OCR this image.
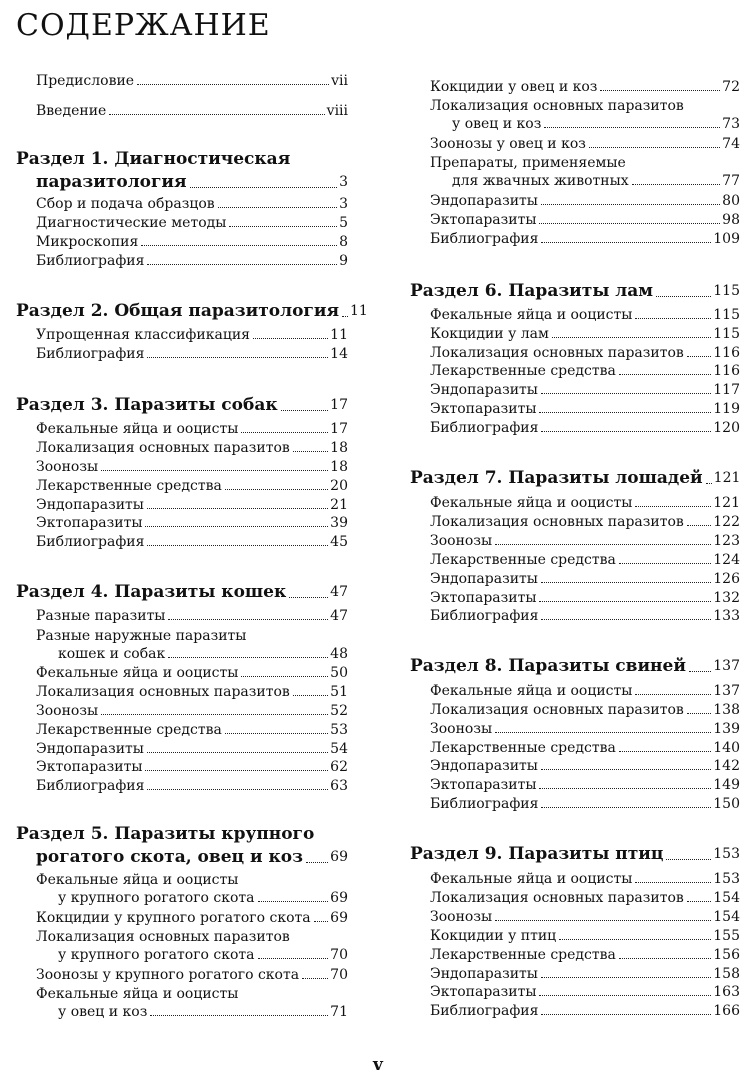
СОДЕРЖАНИЕ
Предисловие	vii
Введение	viii
Раздел 1. Диагностическая
паразитология	3
Сбор и подача образцов	3
Диагностические методы	5
Микроскопия	8
Библиография	9
Раздел 2. Общая паразитология 11
Упрощенная классификация	11
Библиография	14
Раздел 3. Паразиты собак	17
Фекальные яйца и ооцисты	17
Локализация основных паразитов	18
Зоонозы	18
Лекарственные средства	20
Эндопаразиты	21
Эктопаразиты	39
Библиография	45
Раздел 4. Паразиты кошек	47
Разные паразиты	47
Разные наружные паразиты
кошек и собак	48
Фекальные яйца и ооцисты	50
Локализация основных паразитов	51
Зоонозы	52
Лекарственные средства	53
Эндопаразиты	54
Эктопаразиты	62
Библиография	63
Раздел 5. Паразиты крупного
рогатого скота, овец и коз 69
Фекальные яйца и ооцисты
у крупного рогатого скота	69
Кокцидии у крупного рогатого скота 69
Локализация основных паразитов
у крупного рогатого скота	70
Зоонозы у крупного рогатого скота 70
Фекальные яйца и ооцисты
у овец и коз	71
Кокцидии у овец и коз	72
Локализация основных паразитов
у овец и коз	73
Зоонозы у овец и коз	74
Препараты, применяемые
для жвачных животных	77
Эндопаразиты	80
Эктопаразиты	98
Библиография	109
Раздел 6. Паразиты лам	115
Фекальные яйца и ооцисты	115
Кокцидии у лам	115
Локализация основных паразитов 116
Лекарственные средства	116
Эндопаразиты	117
Эктопаразиты	119
Библиография	120
Раздел 7. Паразиты лошадей 121
Фекальные яйца и ооцисты	121
Локализация основных паразитов 122
Зоонозы	123
Лекарственные средства	124
Эндопаразиты	126
Эктопаразиты	132
Библиография	133
Раздел 8. Паразиты свиней 137
Фекальные яйца и ооцисты	137
Локализация основных паразитов 138
Зоонозы	139
Лекарственные средства	140
Эндопаразиты	142
Эктопаразиты	149
Библиография	150
Раздел 9. Паразиты птиц	153
Фекальные яйца и ооцисты	153
Локализация основных паразитов 154
Зоонозы	154
Кокцидии у птиц	155
Лекарственные средства	156
Эндопаразиты	158
Эктопаразиты	163
Библиография	166
v
